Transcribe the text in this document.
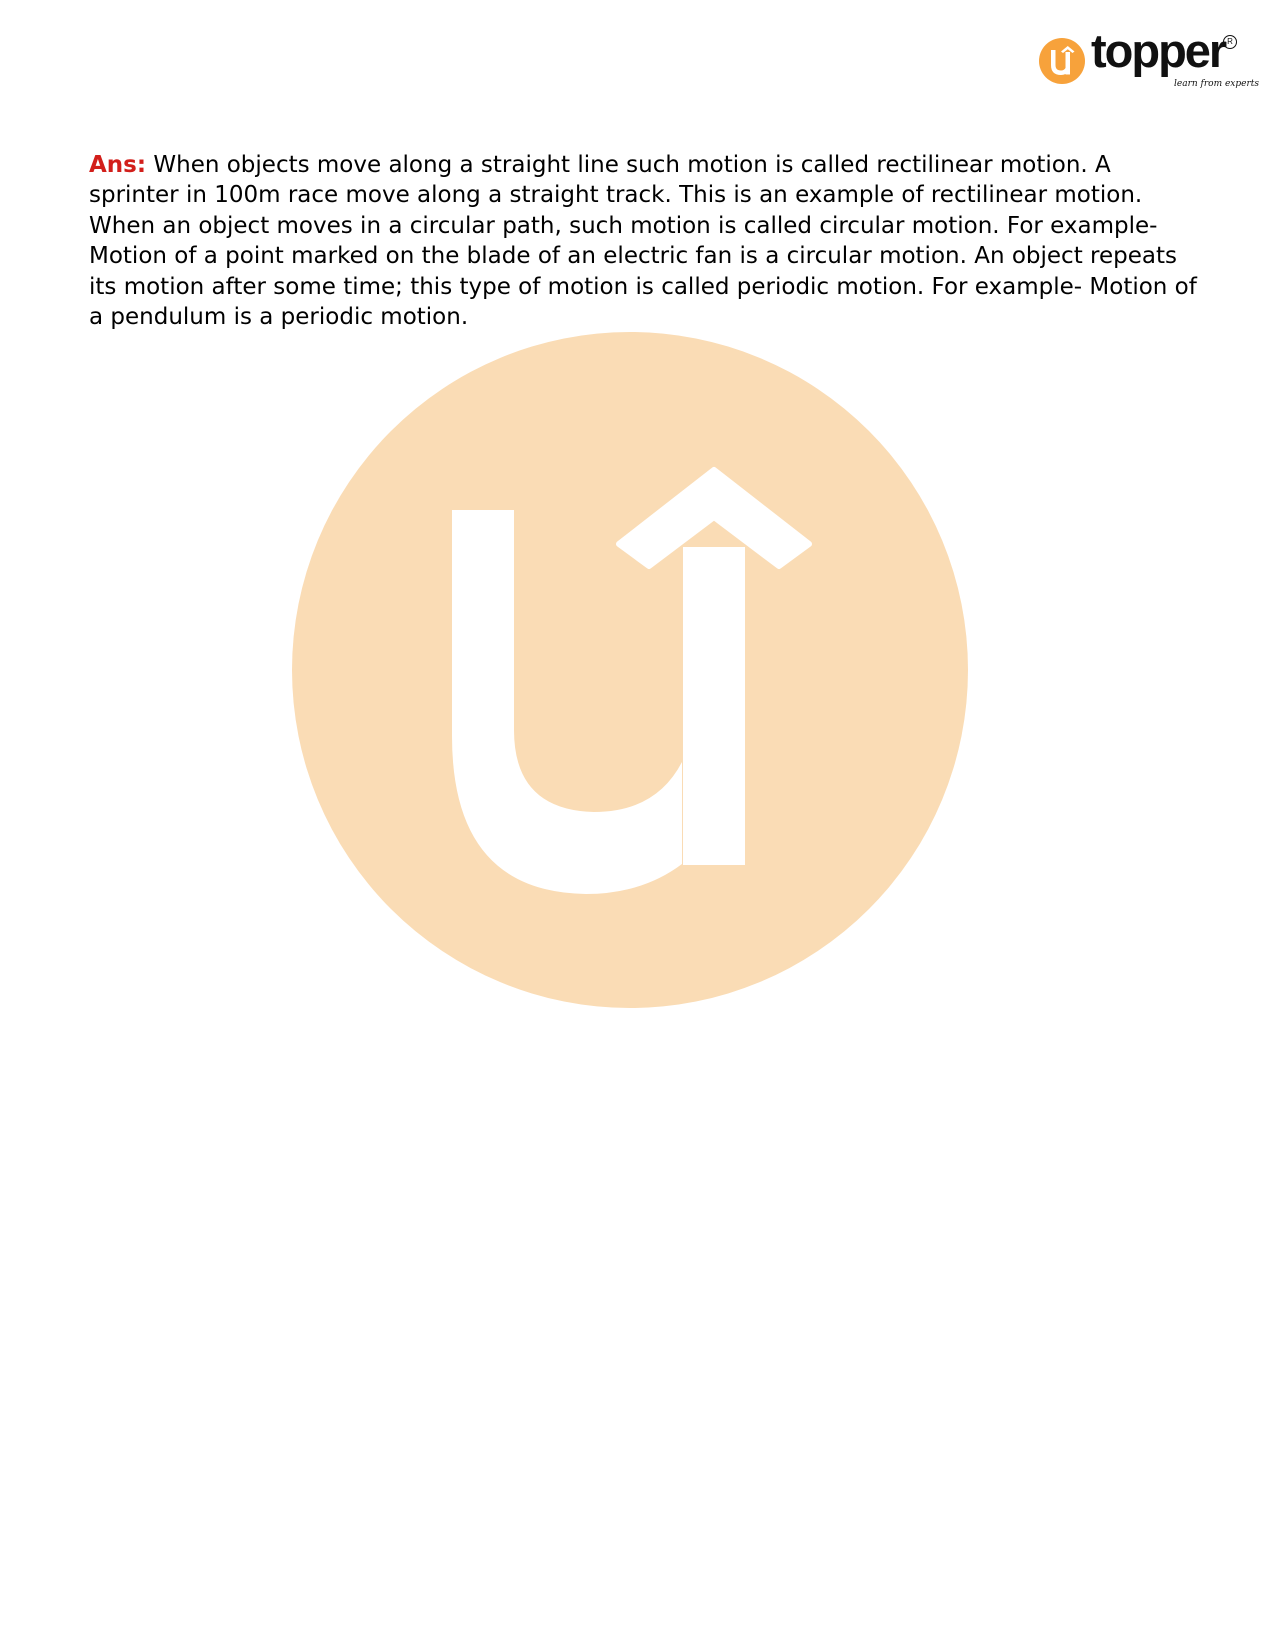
topper R
learn from experts

Ans: When objects move along a straight line such motion is called rectilinear motion. A sprinter in 100m race move along a straight track. This is an example of rectilinear motion. When an object moves in a circular path, such motion is called circular motion. For example- Motion of a point marked on the blade of an electric fan is a circular motion. An object repeats its motion after some time; this type of motion is called periodic motion. For example- Motion of a pendulum is a periodic motion.
